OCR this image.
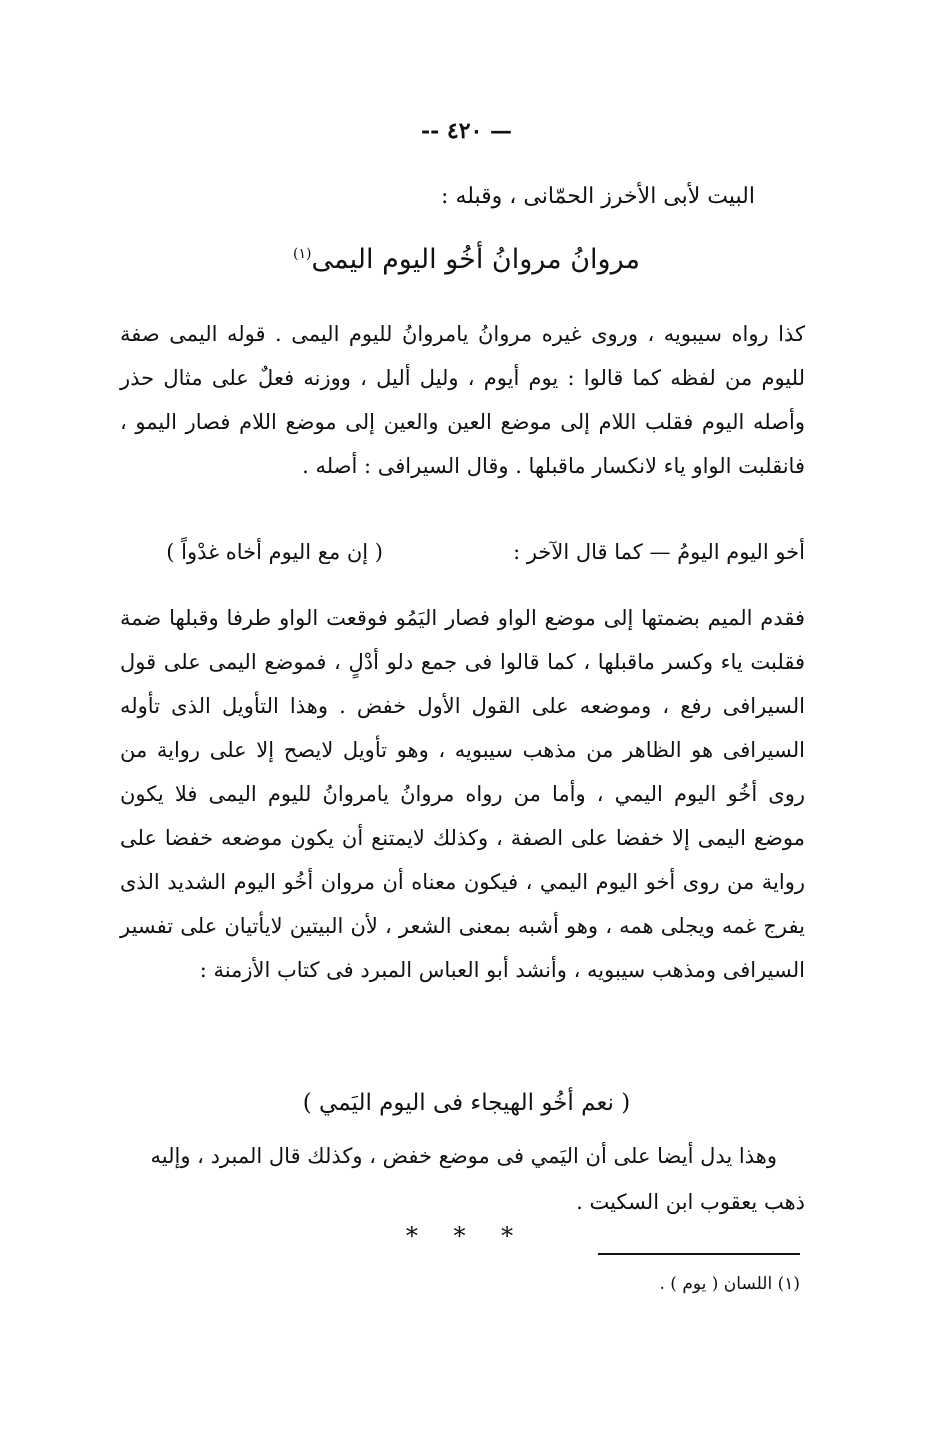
-- ٤٢٠ —
البيت لأبى الأخرز الحمّانى ، وقبله :
مروانُ مروانُ أخُو اليوم اليمى$^{(١)}$
كذا رواه سيبويه ، وروى غيره مروانُ يامروانُ لليوم اليمى . قوله اليمى صفة لليوم من لفظه كما قالوا : يوم أيوم ، وليل أليل ، ووزنه فعلٌ على مثال حذر وأصله اليوم فقلب اللام إلى موضع العين والعين إلى موضع اللام فصار اليمو ، فانقلبت الواو ياء لانكسار ماقبلها . وقال السيرافى : أصله .
أخو اليوم اليومُ — كما قال الآخر :
( إن مع اليوم أخاه غدْواً )
فقدم الميم بضمتها إلى موضع الواو فصار اليَمُو فوقعت الواو طرفا وقبلها ضمة فقلبت ياء وكسر ماقبلها ، كما قالوا فى جمع دلو أدْلٍ ، فموضع اليمى على قول السيرافى رفع ، وموضعه على القول الأول خفض . وهذا التأويل الذى تأوله السيرافى هو الظاهر من مذهب سيبويه ، وهو تأويل لايصح إلا على رواية من روى أخُو اليوم اليمي ، وأما من رواه مروانُ يامروانُ لليوم اليمى فلا يكون موضع اليمى إلا خفضا على الصفة ، وكذلك لايمتنع أن يكون موضعه خفضا على رواية من روى أخو اليوم اليمي ، فيكون معناه أن مروان أخُو اليوم الشديد الذى يفرج غمه ويجلى همه ، وهو أشبه بمعنى الشعر ، لأن البيتين لايأتيان على تفسير السيرافى ومذهب سيبويه ، وأنشد أبو العباس المبرد فى كتاب الأزمنة :
( نعم أخُو الهيجاء فى اليوم اليَمي )
وهذا يدل أيضا على أن اليَمي فى موضع خفض ، وكذلك قال المبرد ، وإليه
ذهب يعقوب ابن السكيت .
* * *
(١) اللسان ( يوم ) .
